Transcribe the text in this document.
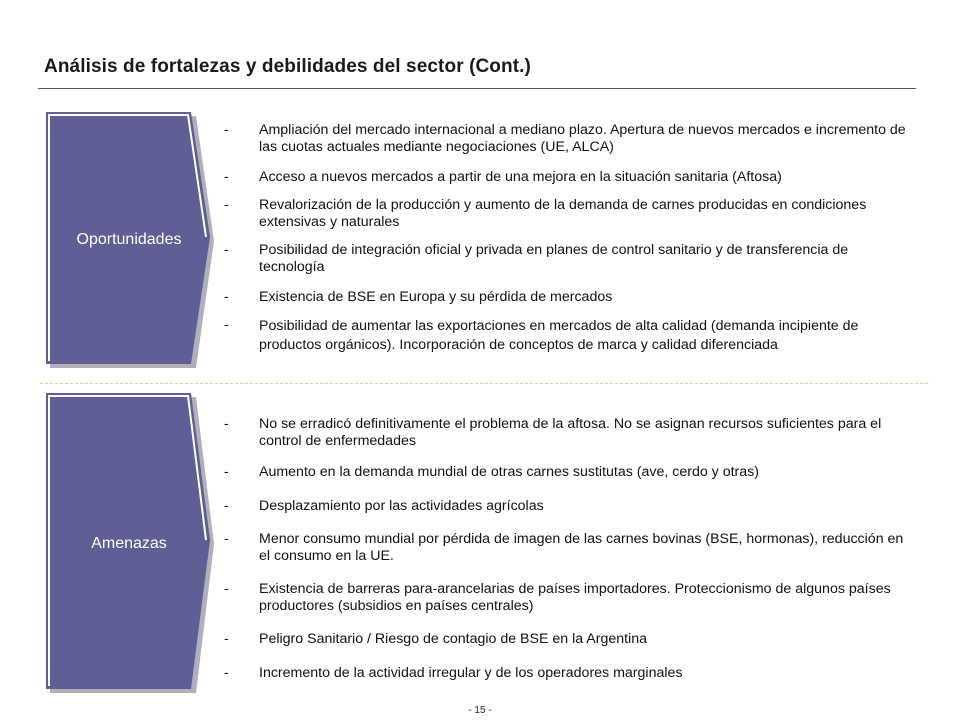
Análisis de fortalezas y debilidades del sector (Cont.)
Oportunidades
- Ampliación del mercado internacional a mediano plazo. Apertura de nuevos mercados e incremento de las cuotas actuales mediante negociaciones (UE, ALCA)
- Acceso a nuevos mercados a partir de una mejora en la situación sanitaria (Aftosa)
- Revalorización de la producción y aumento de la demanda de carnes producidas en condiciones extensivas y naturales
- Posibilidad de integración oficial y privada en planes de control sanitario y de transferencia de tecnología
- Existencia de BSE en Europa y su pérdida de mercados
- Posibilidad de aumentar las exportaciones en mercados de alta calidad (demanda incipiente de productos orgánicos). Incorporación de conceptos de marca y calidad diferenciada
Amenazas
- No se erradicó definitivamente el problema de la aftosa. No se asignan recursos suficientes para el control de enfermedades
- Aumento en la demanda mundial de otras carnes sustitutas (ave, cerdo y otras)
- Desplazamiento por las actividades agrícolas
- Menor consumo mundial por pérdida de imagen de las carnes bovinas (BSE, hormonas), reducción en el consumo en la UE.
- Existencia de barreras para-arancelarias de países importadores. Proteccionismo de algunos países productores (subsidios en países centrales)
- Peligro Sanitario / Riesgo de contagio de BSE en la Argentina
- Incremento de la actividad irregular y de los operadores marginales
- 15 -
